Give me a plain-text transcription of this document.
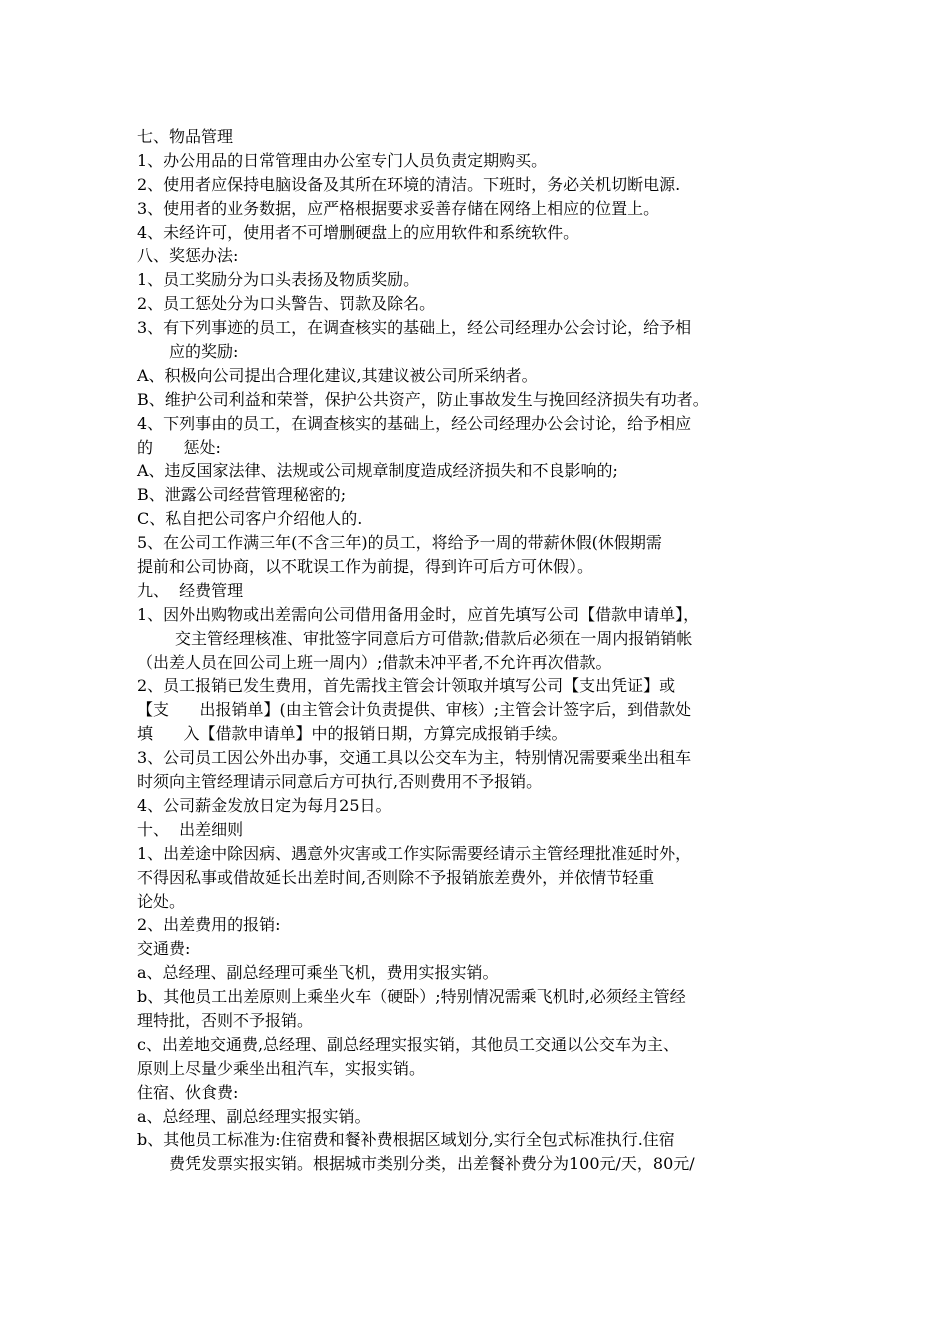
七、物品管理
1、办公用品的日常管理由办公室专门人员负责定期购买。
2、使用者应保持电脑设备及其所在环境的清洁。下班时，务必关机切断电源.
3、使用者的业务数据，应严格根据要求妥善存储在网络上相应的位置上。
4、未经许可，使用者不可增删硬盘上的应用软件和系统软件。
八、奖惩办法:
1、员工奖励分为口头表扬及物质奖励。
2、员工惩处分为口头警告、罚款及除名。
3、有下列事迹的员工，在调查核实的基础上，经公司经理办公会讨论，给予相
应的奖励:
A、积极向公司提出合理化建议,其建议被公司所采纳者。
B、维护公司利益和荣誉，保护公共资产，防止事故发生与挽回经济损失有功者。
4、下列事由的员工，在调查核实的基础上，经公司经理办公会讨论，给予相应
的      惩处:
A、违反国家法律、法规或公司规章制度造成经济损失和不良影响的;
B、泄露公司经营管理秘密的;
C、私自把公司客户介绍他人的.
5、在公司工作满三年(不含三年)的员工，将给予一周的带薪休假(休假期需
提前和公司协商，以不耽误工作为前提，得到许可后方可休假）。
九、  经费管理
1、因外出购物或出差需向公司借用备用金时，应首先填写公司【借款申请单】，
交主管经理核准、审批签字同意后方可借款;借款后必须在一周内报销销帐
（出差人员在回公司上班一周内）;借款未冲平者,不允许再次借款。
2、员工报销已发生费用，首先需找主管会计领取并填写公司【支出凭证】或
【支      出报销单】(由主管会计负责提供、审核）;主管会计签字后，到借款处
填      入【借款申请单】中的报销日期，方算完成报销手续。
3、公司员工因公外出办事，交通工具以公交车为主，特别情况需要乘坐出租车
时须向主管经理请示同意后方可执行,否则费用不予报销。
4、公司薪金发放日定为每月25日。
十、  出差细则
1、出差途中除因病、遇意外灾害或工作实际需要经请示主管经理批准延时外，
不得因私事或借故延长出差时间,否则除不予报销旅差费外，并依情节轻重
论处。
2、出差费用的报销:
交通费:
a、总经理、副总经理可乘坐飞机，费用实报实销。
b、其他员工出差原则上乘坐火车（硬卧）;特别情况需乘飞机时,必须经主管经
理特批，否则不予报销。
c、出差地交通费,总经理、副总经理实报实销，其他员工交通以公交车为主、
原则上尽量少乘坐出租汽车，实报实销。
住宿、伙食费:
a、总经理、副总经理实报实销。
b、其他员工标准为:住宿费和餐补费根据区域划分,实行全包式标准执行.住宿
费凭发票实报实销。根据城市类别分类，出差餐补费分为100元/天，80元/
